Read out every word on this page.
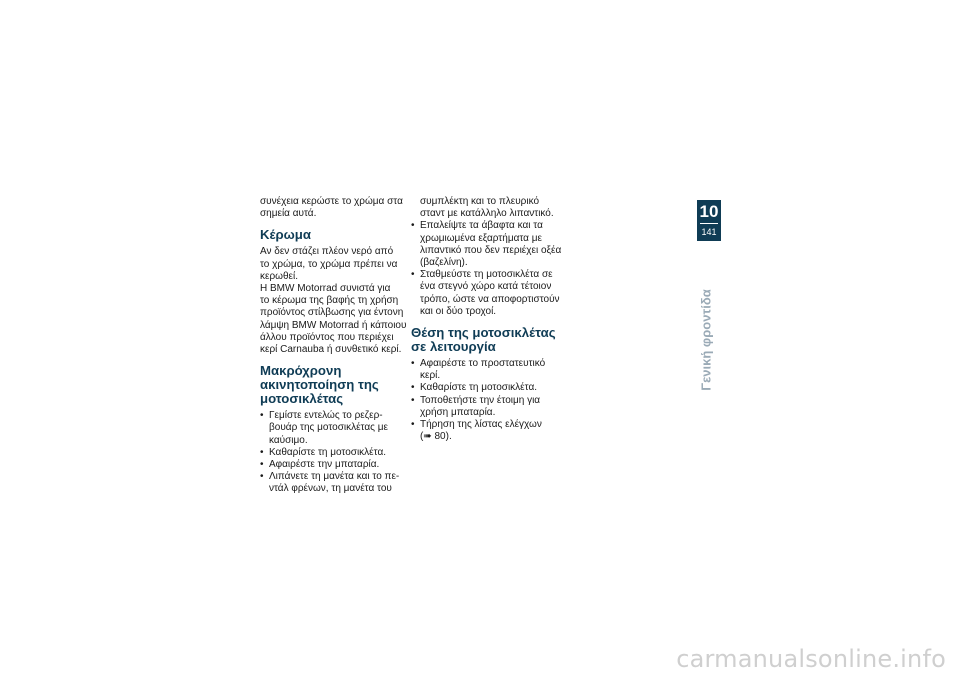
συνέχεια κερώστε το χρώμα στα
σημεία αυτά.

Κέρωμα

Αν δεν στάζει πλέον νερό από
το χρώμα, το χρώμα πρέπει να
κερωθεί.
Η BMW Motorrad συνιστά για
το κέρωμα της βαφής τη χρήση
προϊόντος στίλβωσης για έντονη
λάμψη BMW Motorrad ή κάποιου
άλλου προϊόντος που περιέχει
κερί Carnauba ή συνθετικό κερί.

Μακρόχρονη
ακινητοποίηση της
μοτοσικλέτας
• Γεμίστε εντελώς το ρεζερ-
βουάρ της μοτοσικλέτας με
καύσιμο.
• Καθαρίστε τη μοτοσικλέτα.
• Αφαιρέστε την μπαταρία.
• Λιπάνετε τη μανέτα και το πε-
ντάλ φρένων, τη μανέτα του

συμπλέκτη και το πλευρικό
σταντ με κατάλληλο λιπαντικό.

• Επαλείψτε τα άβαφτα και τα
χρωμιωμένα εξαρτήματα με
λιπαντικό που δεν περιέχει οξέα
(βαζελίνη).
• Σταθμεύστε τη μοτοσικλέτα σε
ένα στεγνό χώρο κατά τέτοιον
τρόπο, ώστε να αποφορτιστούν
και οι δύο τροχοί.
Θέση της μοτοσικλέτας
σε λειτουργία
• Αφαιρέστε το προστατευτικό
κερί.
• Καθαρίστε τη μοτοσικλέτα.
• Τοποθετήστε την έτοιμη για
χρήση μπαταρία.
• Τήρηση της λίστας ελέγχων
(➠ 80).
10
141
Γενική φροντίδα
carmanualsonline.info
